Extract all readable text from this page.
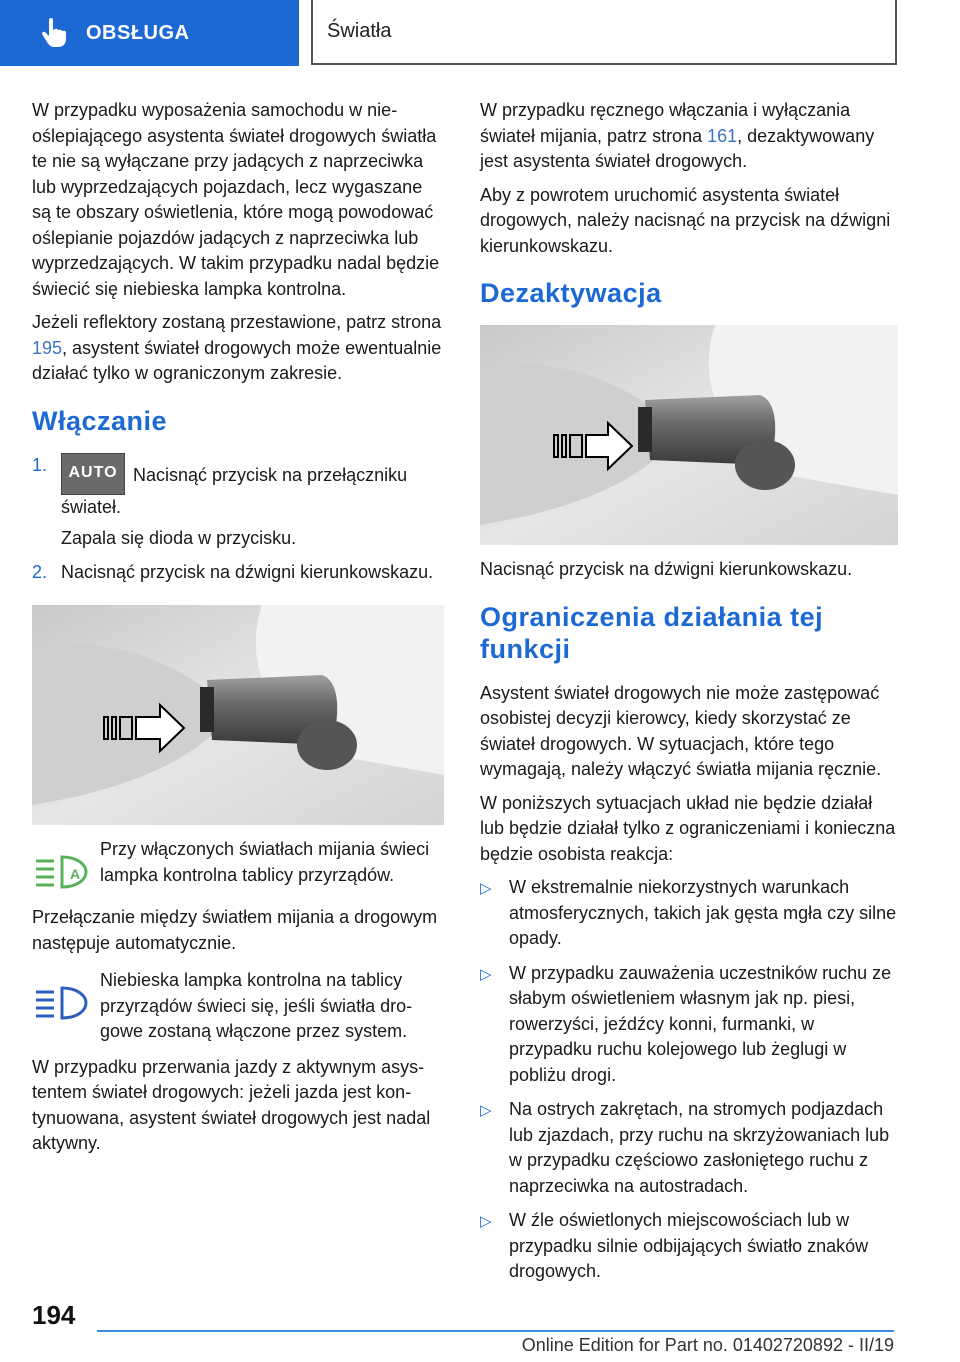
OBSŁUGA	Światła

W przypadku wyposażenia samochodu w nieoślepiającego asystenta świateł drogowych światła te nie są wyłączane przy jadących z naprzeciwka lub wyprzedzających pojazdach, lecz wygaszane są te obszary oświetlenia, które mogą powodować oślepianie pojazdów jadących z naprzeciwka lub wyprzedzających. W takim przypadku nadal będzie świecić się niebieska lampka kontrolna.

Jeżeli reflektory zostaną przestawione, patrz strona 195, asystent świateł drogowych może ewentualnie działać tylko w ograniczonym zakresie.

Włączanie
1.	AUTO Nacisnąć przycisk na przełączniku świateł.
Zapala się dioda w przycisku.
2. Nacisnąć przycisk na dźwigni kierunkowskazu.
A
Przy włączonych światłach mijania świeci lampka kontrolna tablicy przyrządów.

Przełączanie między światłem mijania a drogowym następuje automatycznie.

Niebieska lampka kontrolna na tablicy przyrządów świeci się, jeśli światła drogowe zostaną włączone przez system.

W przypadku przerwania jazdy z aktywnym asystentem świateł drogowych: jeżeli jazda jest kontynuowana, asystent świateł drogowych jest nadal aktywny.

W przypadku ręcznego włączania i wyłączania świateł mijania, patrz strona 161, dezaktywowany jest asystenta świateł drogowych.

Aby z powrotem uruchomić asystenta świateł drogowych, należy nacisnąć na przycisk na dźwigni kierunkowskazu.

Dezaktywacja

Nacisnąć przycisk na dźwigni kierunkowskazu.

Ograniczenia działania tej funkcji

Asystent świateł drogowych nie może zastępować osobistej decyzji kierowcy, kiedy skorzystać ze świateł drogowych. W sytuacjach, które tego wymagają, należy włączyć światła mijania ręcznie.

W poniższych sytuacjach układ nie będzie działał lub będzie działał tylko z ograniczeniami i konieczna będzie osobista reakcja:

▷ W ekstremalnie niekorzystnych warunkach atmosferycznych, takich jak gęsta mgła czy silne opady.
▷ W przypadku zauważenia uczestników ruchu ze słabym oświetleniem własnym jak np. piesi, rowerzyści, jeźdźcy konni, furmanki, w przypadku ruchu kolejowego lub żeglugi w pobliżu drogi.
▷ Na ostrych zakrętach, na stromych podjazdach lub zjazdach, przy ruchu na skrzyżowaniach lub w przypadku częściowo zasłoniętego ruchu z naprzeciwka na autostradach.
▷ W źle oświetlonych miejscowościach lub w przypadku silnie odbijających światło znaków drogowych.
194
Online Edition for Part no. 01402720892 - II/19
